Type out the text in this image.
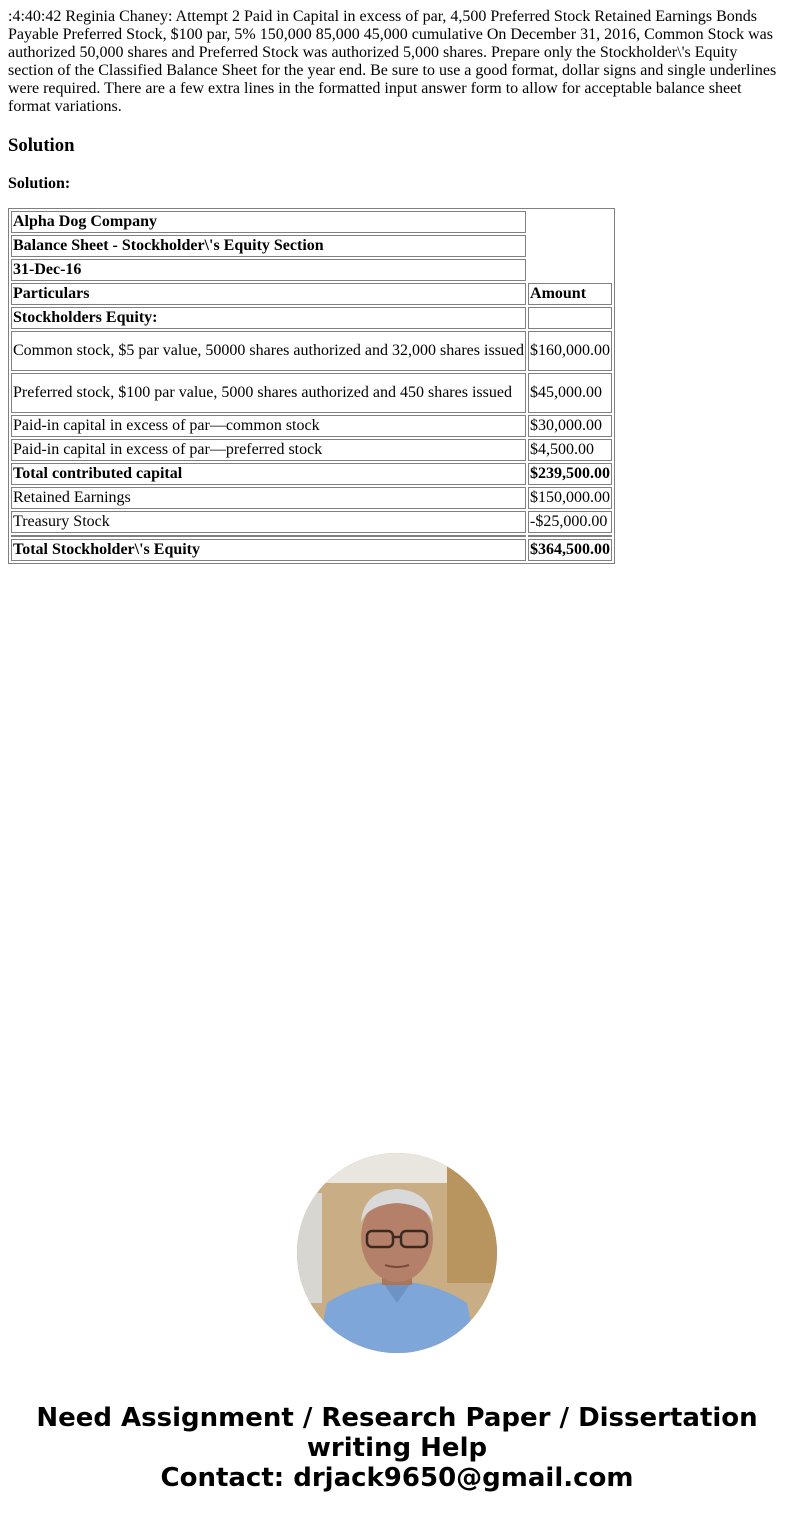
:4:40:42 Reginia Chaney: Attempt 2 Paid in Capital in excess of par, 4,500 Preferred Stock Retained Earnings Bonds Payable Preferred Stock, $100 par, 5% 150,000 85,000 45,000 cumulative On December 31, 2016, Common Stock was authorized 50,000 shares and Preferred Stock was authorized 5,000 shares. Prepare only the Stockholder\'s Equity section of the Classified Balance Sheet for the year end. Be sure to use a good format, dollar signs and single underlines were required. There are a few extra lines in the formatted input answer form to allow for acceptable balance sheet format variations.

Solution

Solution:

Alpha Dog Company	
Balance Sheet - Stockholder\'s Equity Section	
31-Dec-16	
Particulars	Amount
Stockholders Equity:	
Common stock, $5 par value, 50000 shares authorized and 32,000 shares issued	$160,000.00
Preferred stock, $100 par value, 5000 shares authorized and 450 shares issued	$45,000.00
Paid-in capital in excess of par—common stock	$30,000.00
Paid-in capital in excess of par—preferred stock	$4,500.00
Total contributed capital	$239,500.00
Retained Earnings	$150,000.00
Treasury Stock	-$25,000.00

Total Stockholder\'s Equity	$364,500.00
Need Assignment / Research Paper / Dissertation
writing Help
Contact: drjack9650@gmail.com
